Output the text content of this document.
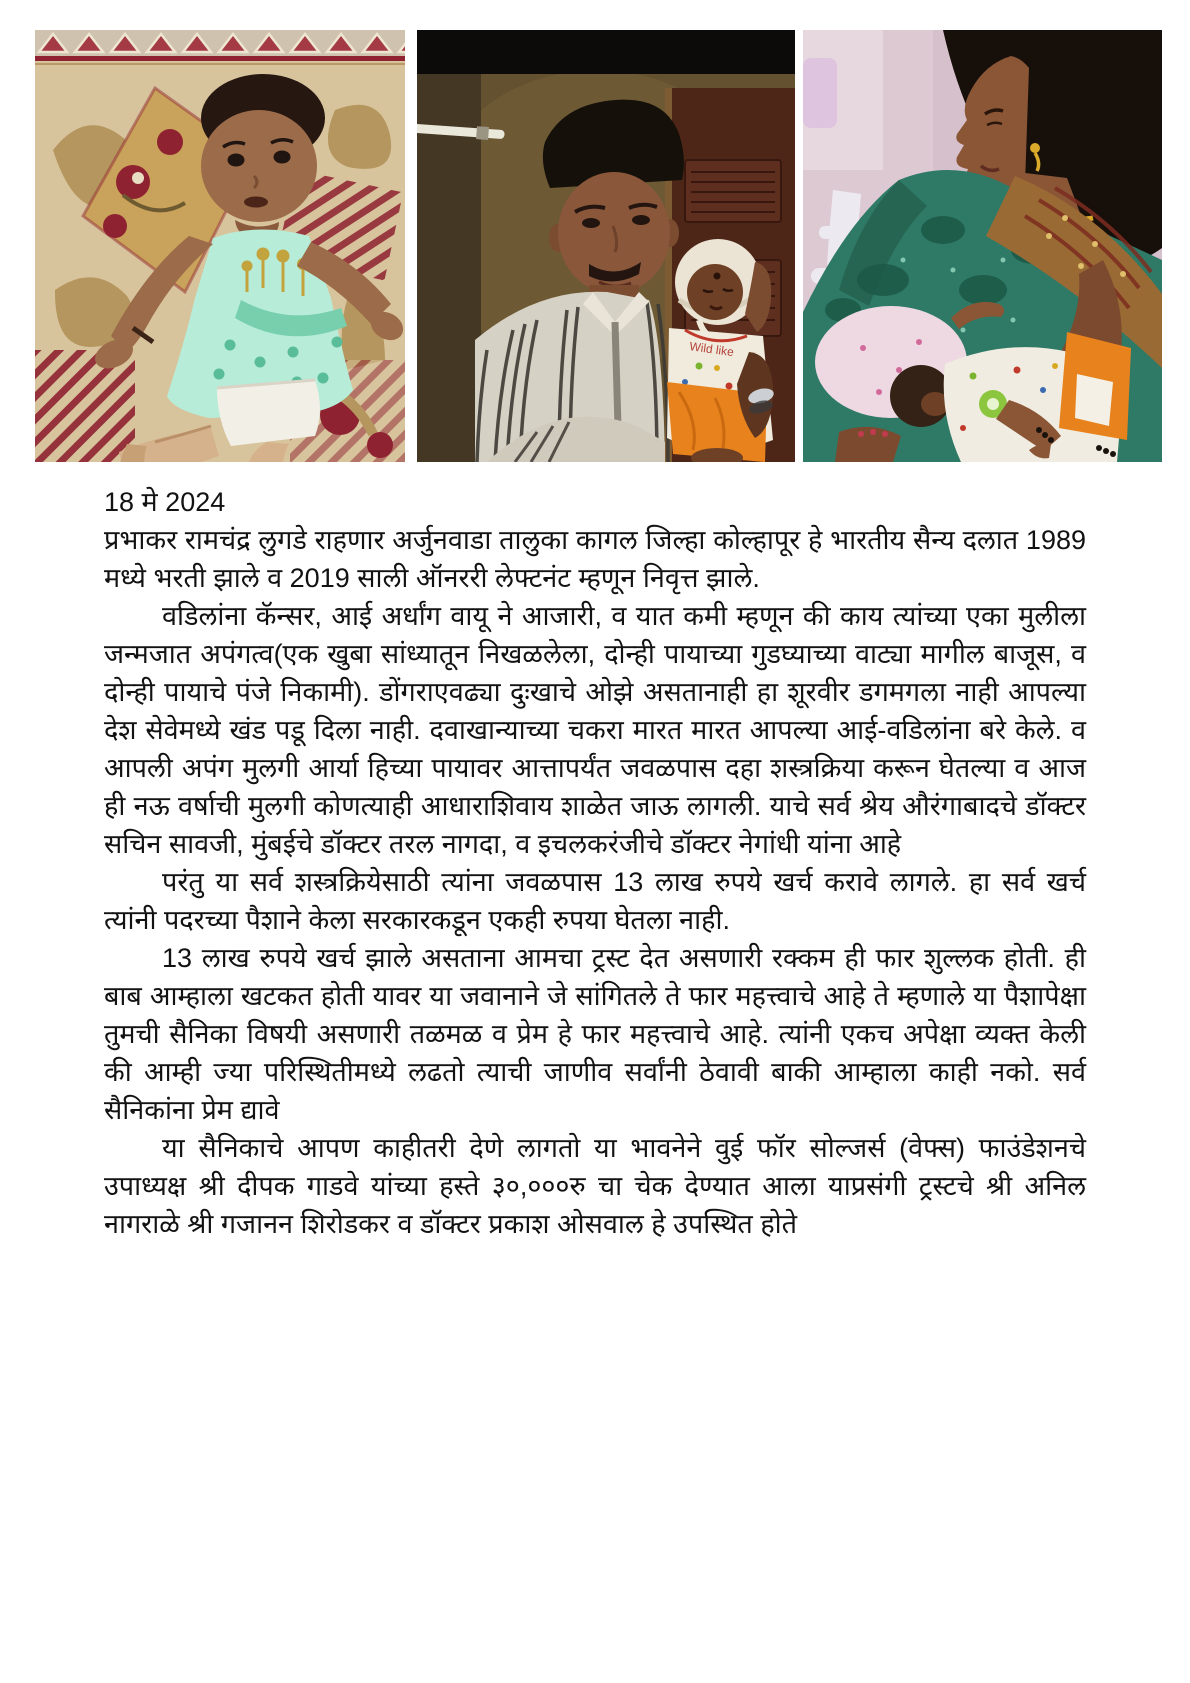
Wild like

18 मे 2024

प्रभाकर रामचंद्र लुगडे राहणार अर्जुनवाडा तालुका कागल जिल्हा कोल्हापूर हे भारतीय सैन्य दलात 1989 मध्ये भरती झाले व 2019 साली ऑनररी लेफ्टनंट म्हणून निवृत्त झाले.

वडिलांना कॅन्सर, आई अर्धांग वायू ने आजारी, व यात कमी म्हणून की काय त्यांच्या एका मुलीला जन्मजात अपंगत्व(एक खुबा सांध्यातून निखळलेला, दोन्ही पायाच्या गुडघ्याच्या वाट्या मागील बाजूस, व दोन्ही पायाचे पंजे निकामी). डोंगराएवढ्या दुःखाचे ओझे असतानाही हा शूरवीर डगमगला नाही आपल्या देश सेवेमध्ये खंड पडू दिला नाही. दवाखान्याच्या चकरा मारत मारत आपल्या आई-वडिलांना बरे केले. व आपली अपंग मुलगी आर्या हिच्या पायावर आत्तापर्यंत जवळपास दहा शस्त्रक्रिया करून घेतल्या व आज ही नऊ वर्षाची मुलगी कोणत्याही आधाराशिवाय शाळेत जाऊ लागली. याचे सर्व श्रेय औरंगाबादचे डॉक्टर सचिन सावजी, मुंबईचे डॉक्टर तरल नागदा, व इचलकरंजीचे डॉक्टर नेगांधी यांना आहे

परंतु या सर्व शस्त्रक्रियेसाठी त्यांना जवळपास 13 लाख रुपये खर्च करावे लागले. हा सर्व खर्च त्यांनी पदरच्या पैशाने केला सरकारकडून एकही रुपया घेतला नाही.

13 लाख रुपये खर्च झाले असताना आमचा ट्रस्ट देत असणारी रक्कम ही फार शुल्लक होती. ही बाब आम्हाला खटकत होती यावर या जवानाने जे सांगितले ते फार महत्त्वाचे आहे ते म्हणाले या पैशापेक्षा तुमची सैनिका विषयी असणारी तळमळ व प्रेम हे फार महत्त्वाचे आहे. त्यांनी एकच अपेक्षा व्यक्त केली की आम्ही ज्या परिस्थितीमध्ये लढतो त्याची जाणीव सर्वांनी ठेवावी बाकी आम्हाला काही नको. सर्व सैनिकांना प्रेम द्यावे

या सैनिकाचे आपण काहीतरी देणे लागतो या भावनेने वुई फॉर सोल्जर्स (वेफ्स) फाउंडेशनचे उपाध्यक्ष श्री दीपक गाडवे यांच्या हस्ते ३०,०००रु चा चेक देण्यात आला याप्रसंगी ट्रस्टचे श्री अनिल नागराळे श्री गजानन शिरोडकर व डॉक्टर प्रकाश ओसवाल हे उपस्थित होते
